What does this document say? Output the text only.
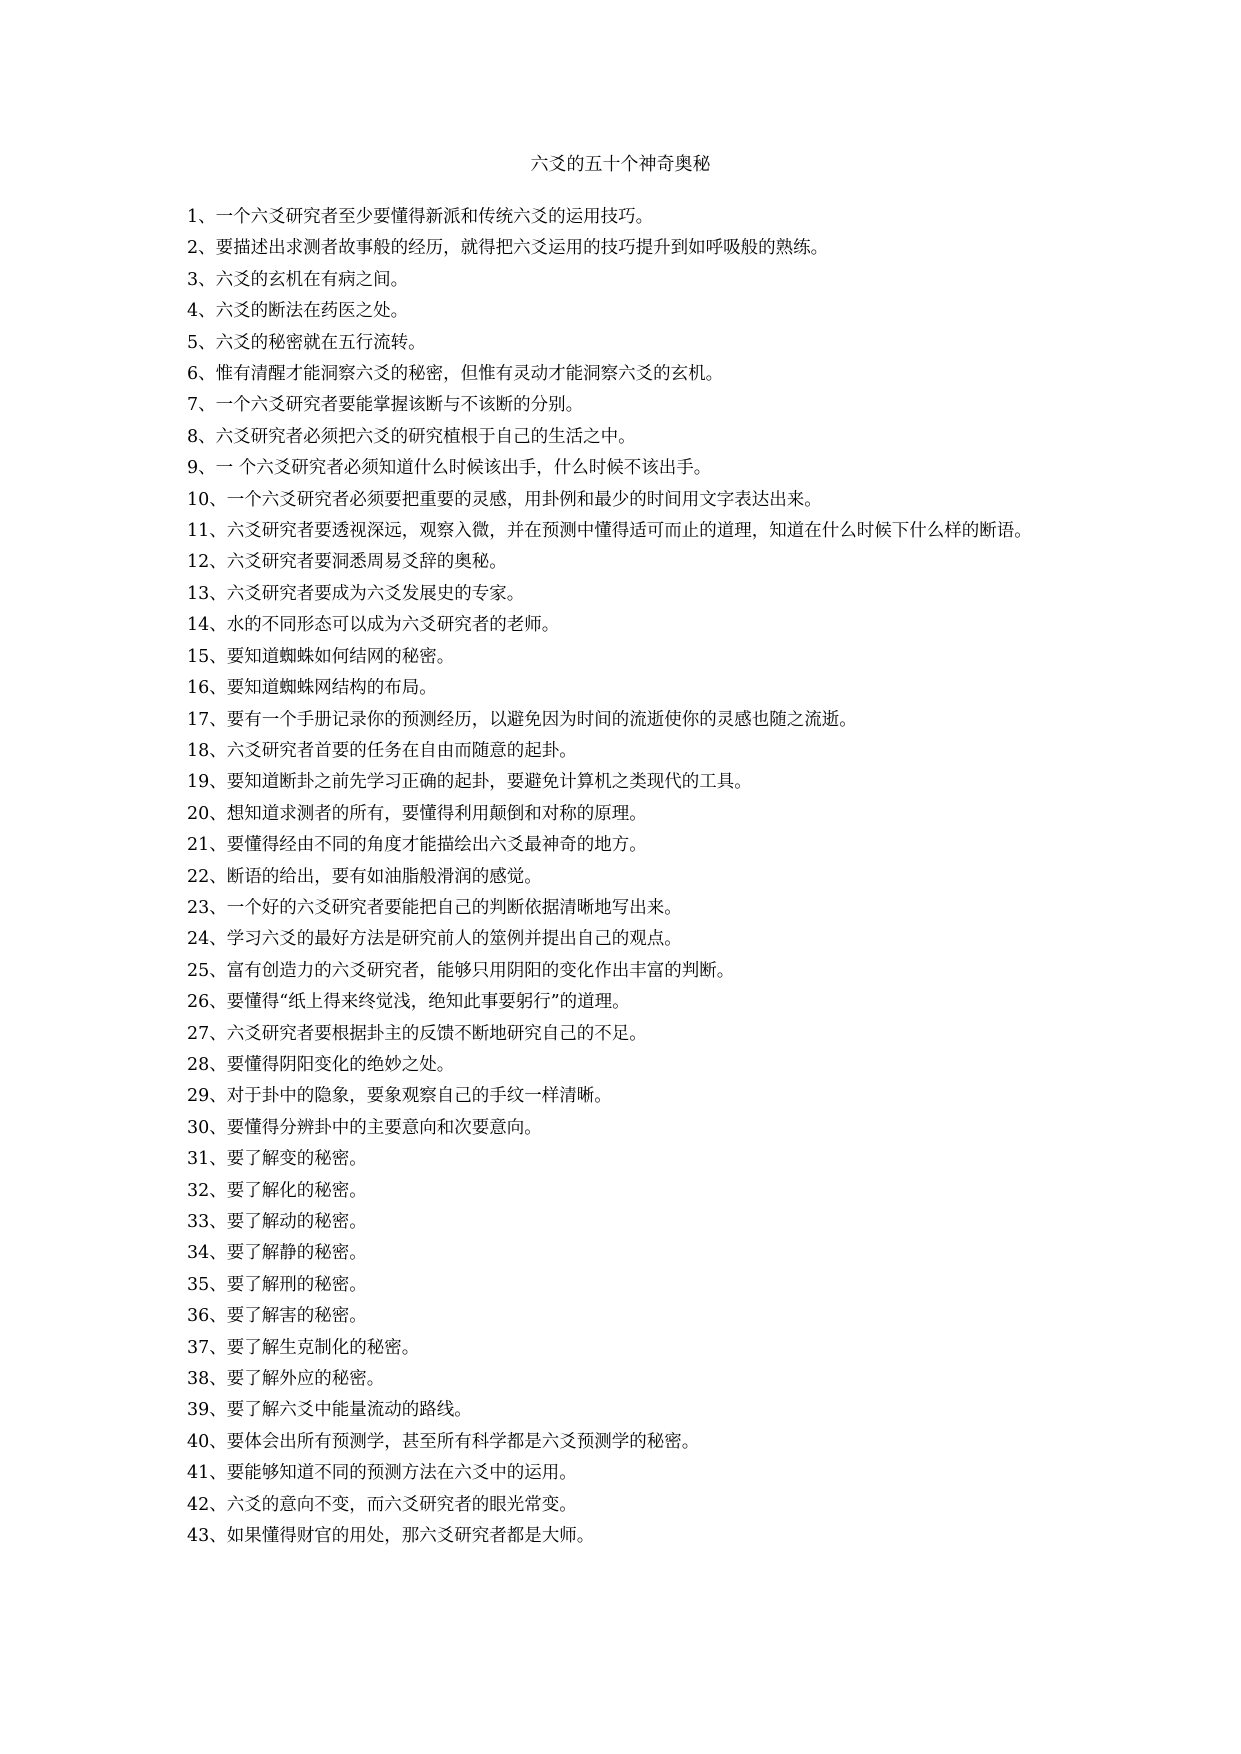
六爻的五十个神奇奥秘
1、一个六爻研究者至少要懂得新派和传统六爻的运用技巧。
2、要描述出求测者故事般的经历，就得把六爻运用的技巧提升到如呼吸般的熟练。
3、六爻的玄机在有病之间。
4、六爻的断法在药医之处。
5、六爻的秘密就在五行流转。
6、惟有清醒才能洞察六爻的秘密，但惟有灵动才能洞察六爻的玄机。
7、一个六爻研究者要能掌握该断与不该断的分别。
8、六爻研究者必须把六爻的研究植根于自己的生活之中。
9、一 个六爻研究者必须知道什么时候该出手，什么时候不该出手。
10、一个六爻研究者必须要把重要的灵感，用卦例和最少的时间用文字表达出来。
11、六爻研究者要透视深远，观察入微，并在预测中懂得适可而止的道理，知道在什么时候下什么样的断语。
12、六爻研究者要洞悉周易爻辞的奥秘。
13、六爻研究者要成为六爻发展史的专家。
14、水的不同形态可以成为六爻研究者的老师。
15、要知道蜘蛛如何结网的秘密。
16、要知道蜘蛛网结构的布局。
17、要有一个手册记录你的预测经历，以避免因为时间的流逝使你的灵感也随之流逝。
18、六爻研究者首要的任务在自由而随意的起卦。
19、要知道断卦之前先学习正确的起卦，要避免计算机之类现代的工具。
20、想知道求测者的所有，要懂得利用颠倒和对称的原理。
21、要懂得经由不同的角度才能描绘出六爻最神奇的地方。
22、断语的给出，要有如油脂般滑润的感觉。
23、一个好的六爻研究者要能把自己的判断依据清晰地写出来。
24、学习六爻的最好方法是研究前人的筮例并提出自己的观点。
25、富有创造力的六爻研究者，能够只用阴阳的变化作出丰富的判断。
26、要懂得“纸上得来终觉浅，绝知此事要躬行”的道理。
27、六爻研究者要根据卦主的反馈不断地研究自己的不足。
28、要懂得阴阳变化的绝妙之处。
29、对于卦中的隐象，要象观察自己的手纹一样清晰。
30、要懂得分辨卦中的主要意向和次要意向。
31、要了解变的秘密。
32、要了解化的秘密。
33、要了解动的秘密。
34、要了解静的秘密。
35、要了解刑的秘密。
36、要了解害的秘密。
37、要了解生克制化的秘密。
38、要了解外应的秘密。
39、要了解六爻中能量流动的路线。
40、要体会出所有预测学，甚至所有科学都是六爻预测学的秘密。
41、要能够知道不同的预测方法在六爻中的运用。
42、六爻的意向不变，而六爻研究者的眼光常变。
43、如果懂得财官的用处，那六爻研究者都是大师。
